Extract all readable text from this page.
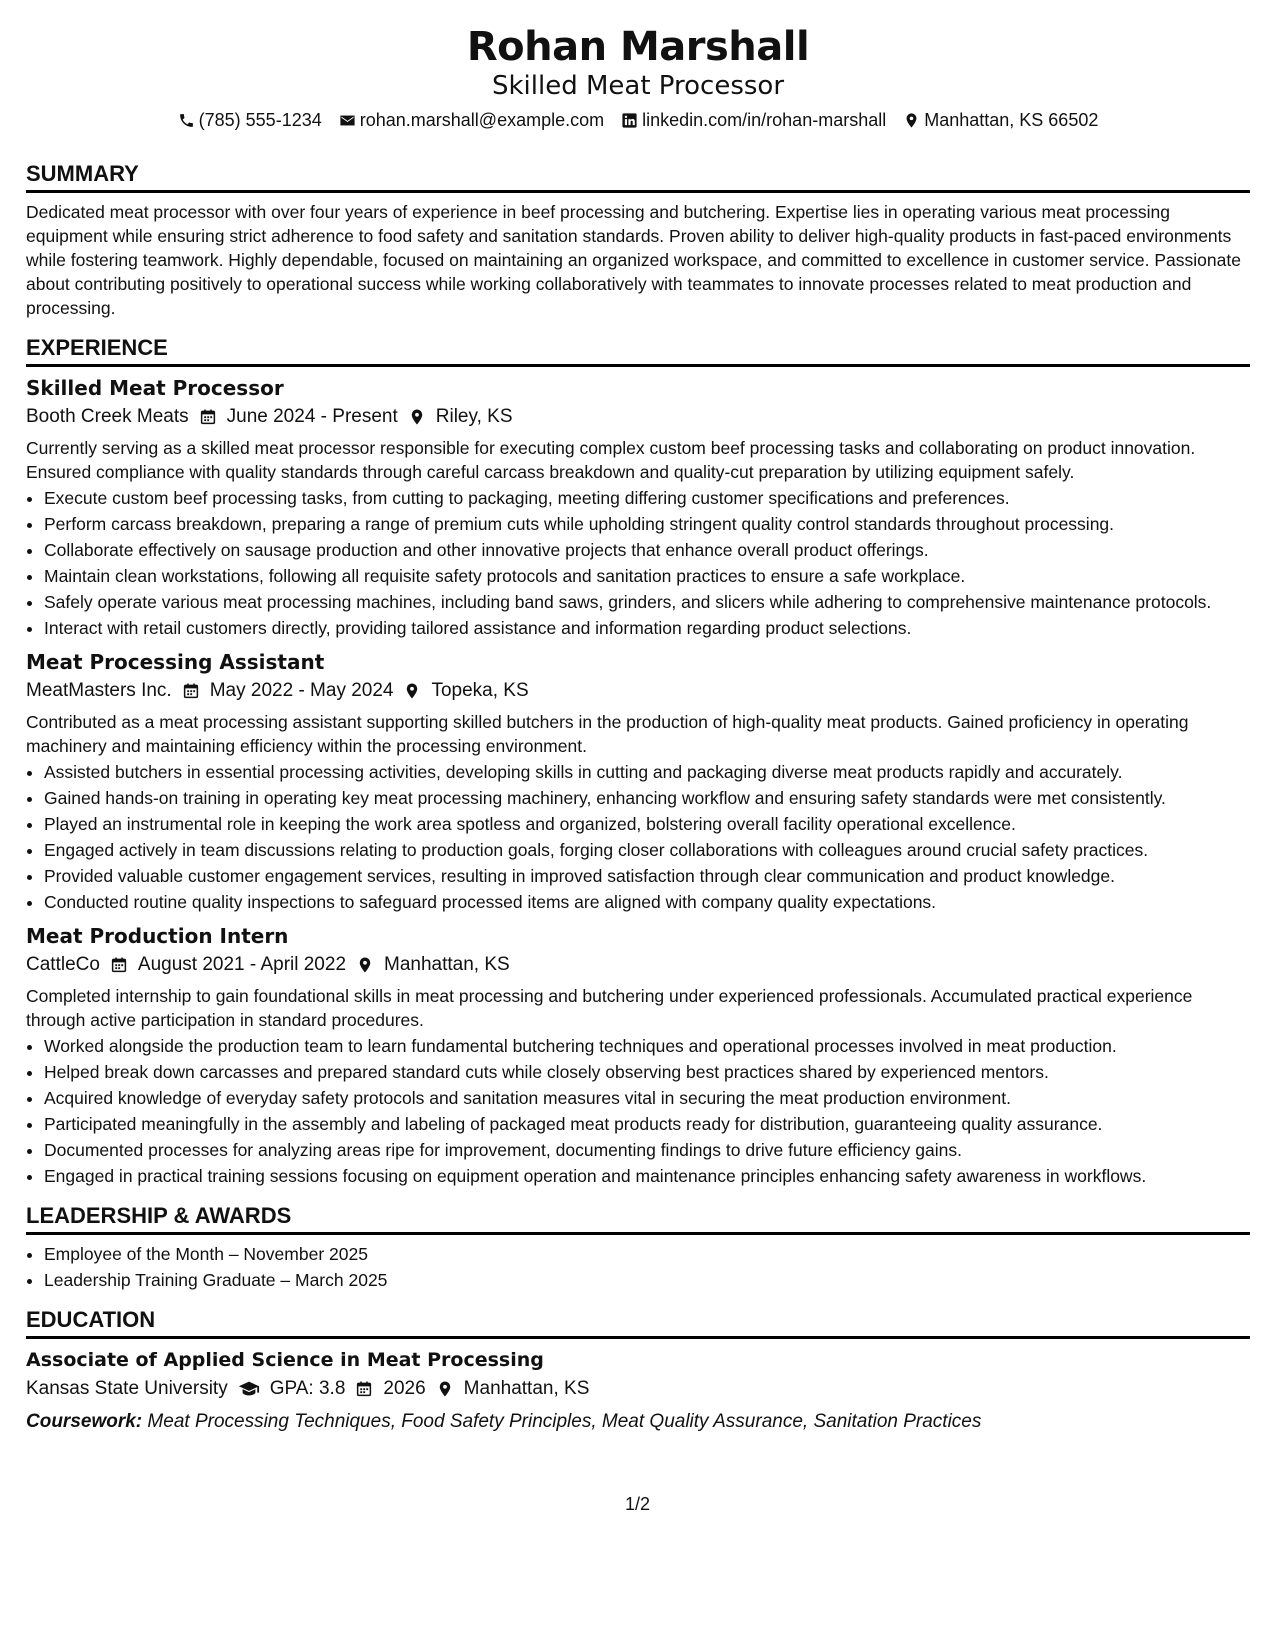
Rohan Marshall
Skilled Meat Processor
(785) 555-1234 rohan.marshall@example.com linkedin.com/in/rohan-marshall Manhattan, KS 66502
SUMMARY

Dedicated meat processor with over four years of experience in beef processing and butchering. Expertise lies in operating various meat processing equipment while ensuring strict adherence to food safety and sanitation standards. Proven ability to deliver high-quality products in fast-paced environments while fostering teamwork. Highly dependable, focused on maintaining an organized workspace, and committed to excellence in customer service. Passionate about contributing positively to operational success while working collaboratively with teammates to innovate processes related to meat production and processing.

EXPERIENCE
Skilled Meat Processor
Booth Creek Meats June 2024 - Present Riley, KS

Currently serving as a skilled meat processor responsible for executing complex custom beef processing tasks and collaborating on product innovation. Ensured compliance with quality standards through careful carcass breakdown and quality-cut preparation by utilizing equipment safely.

• Execute custom beef processing tasks, from cutting to packaging, meeting differing customer specifications and preferences.
• Perform carcass breakdown, preparing a range of premium cuts while upholding stringent quality control standards throughout processing.
• Collaborate effectively on sausage production and other innovative projects that enhance overall product offerings.
• Maintain clean workstations, following all requisite safety protocols and sanitation practices to ensure a safe workplace.
• Safely operate various meat processing machines, including band saws, grinders, and slicers while adhering to comprehensive maintenance protocols.
• Interact with retail customers directly, providing tailored assistance and information regarding product selections.
Meat Processing Assistant
MeatMasters Inc. May 2022 - May 2024 Topeka, KS

Contributed as a meat processing assistant supporting skilled butchers in the production of high-quality meat products. Gained proficiency in operating machinery and maintaining efficiency within the processing environment.

• Assisted butchers in essential processing activities, developing skills in cutting and packaging diverse meat products rapidly and accurately.
• Gained hands-on training in operating key meat processing machinery, enhancing workflow and ensuring safety standards were met consistently.
• Played an instrumental role in keeping the work area spotless and organized, bolstering overall facility operational excellence.
• Engaged actively in team discussions relating to production goals, forging closer collaborations with colleagues around crucial safety practices.
• Provided valuable customer engagement services, resulting in improved satisfaction through clear communication and product knowledge.
• Conducted routine quality inspections to safeguard processed items are aligned with company quality expectations.
Meat Production Intern
CattleCo August 2021 - April 2022 Manhattan, KS

Completed internship to gain foundational skills in meat processing and butchering under experienced professionals. Accumulated practical experience through active participation in standard procedures.

• Worked alongside the production team to learn fundamental butchering techniques and operational processes involved in meat production.
• Helped break down carcasses and prepared standard cuts while closely observing best practices shared by experienced mentors.
• Acquired knowledge of everyday safety protocols and sanitation measures vital in securing the meat production environment.
• Participated meaningfully in the assembly and labeling of packaged meat products ready for distribution, guaranteeing quality assurance.
• Documented processes for analyzing areas ripe for improvement, documenting findings to drive future efficiency gains.
• Engaged in practical training sessions focusing on equipment operation and maintenance principles enhancing safety awareness in workflows.
LEADERSHIP & AWARDS
• Employee of the Month – November 2025
• Leadership Training Graduate – March 2025
EDUCATION
Associate of Applied Science in Meat Processing
Kansas State University GPA: 3.8 2026 Manhattan, KS
Coursework: Meat Processing Techniques, Food Safety Principles, Meat Quality Assurance, Sanitation Practices
1/2
